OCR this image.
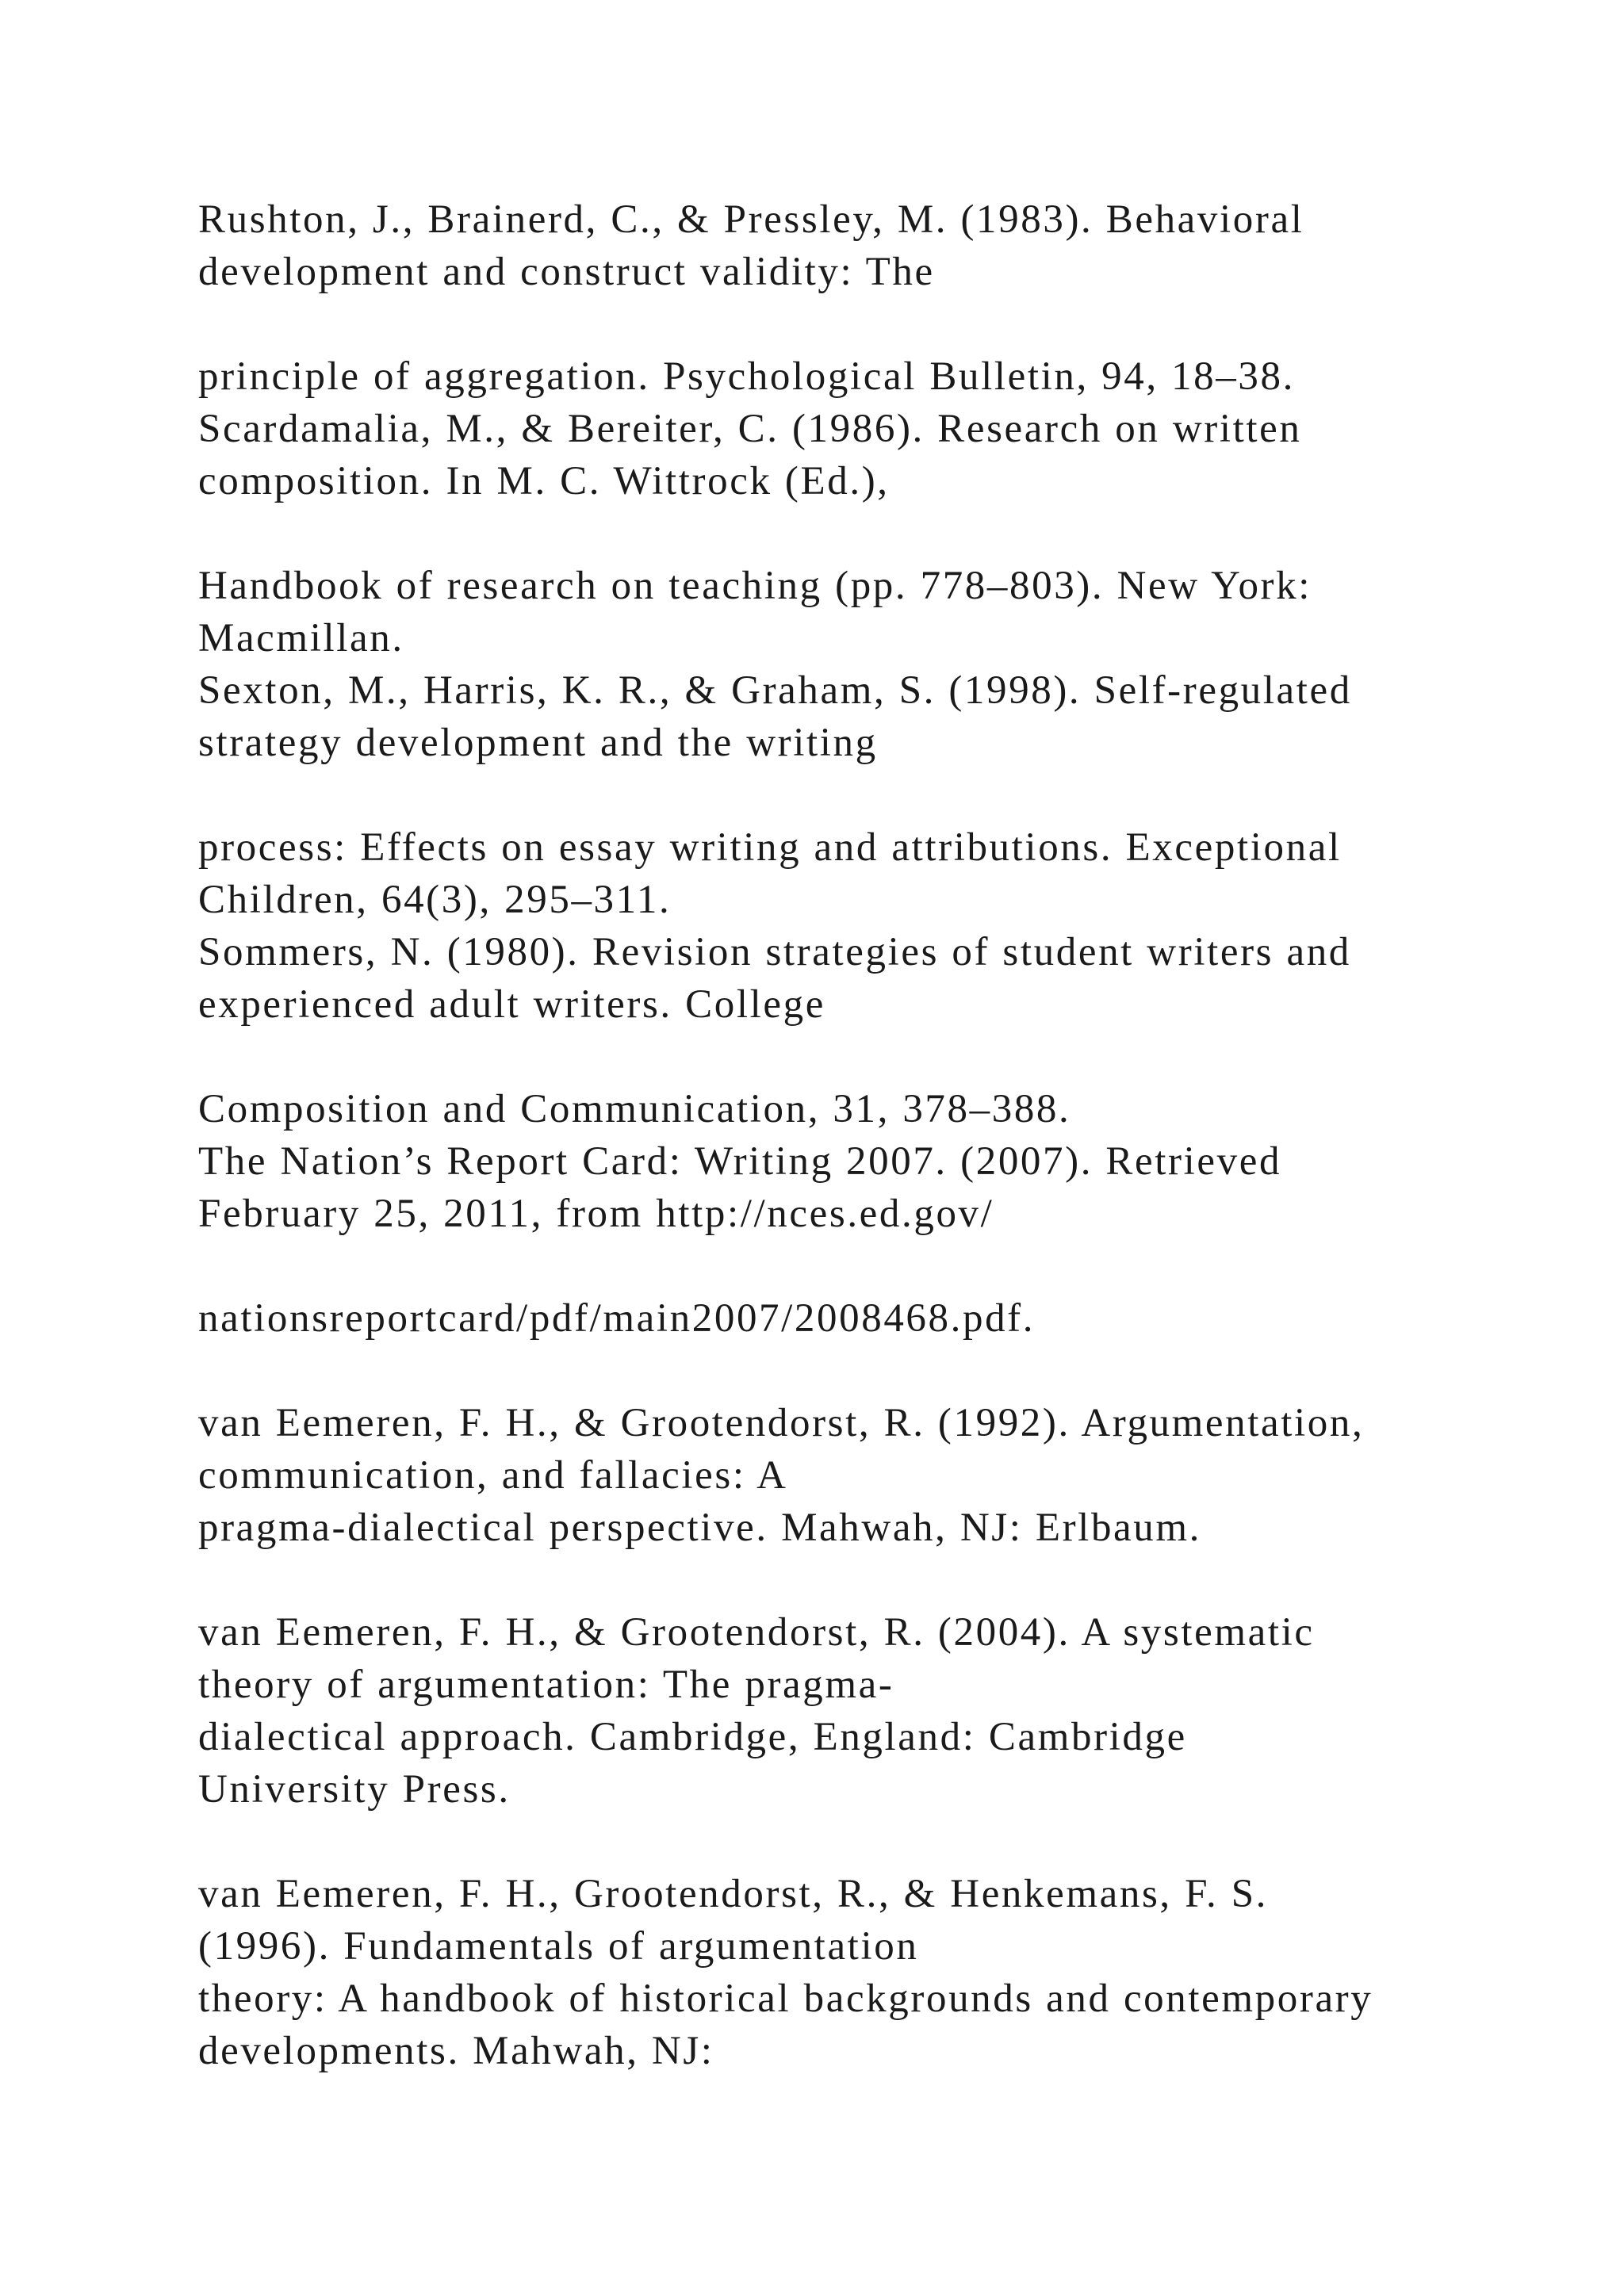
Rushton, J., Brainerd, C., & Pressley, M. (1983). Behavioral
development and construct validity: The
principle of aggregation. Psychological Bulletin, 94, 18–38.
Scardamalia, M., & Bereiter, C. (1986). Research on written
composition. In M. C. Wittrock (Ed.),
Handbook of research on teaching (pp. 778–803). New York:
Macmillan.
Sexton, M., Harris, K. R., & Graham, S. (1998). Self-regulated
strategy development and the writing
process: Effects on essay writing and attributions. Exceptional
Children, 64(3), 295–311.
Sommers, N. (1980). Revision strategies of student writers and
experienced adult writers. College
Composition and Communication, 31, 378–388.
The Nation’s Report Card: Writing 2007. (2007). Retrieved
February 25, 2011, from http://nces.ed.gov/
nationsreportcard/pdf/main2007/2008468.pdf.
van Eemeren, F. H., & Grootendorst, R. (1992). Argumentation,
communication, and fallacies: A
pragma-dialectical perspective. Mahwah, NJ: Erlbaum.
van Eemeren, F. H., & Grootendorst, R. (2004). A systematic
theory of argumentation: The pragma-
dialectical approach. Cambridge, England: Cambridge
University Press.
van Eemeren, F. H., Grootendorst, R., & Henkemans, F. S.
(1996). Fundamentals of argumentation
theory: A handbook of historical backgrounds and contemporary
developments. Mahwah, NJ:
